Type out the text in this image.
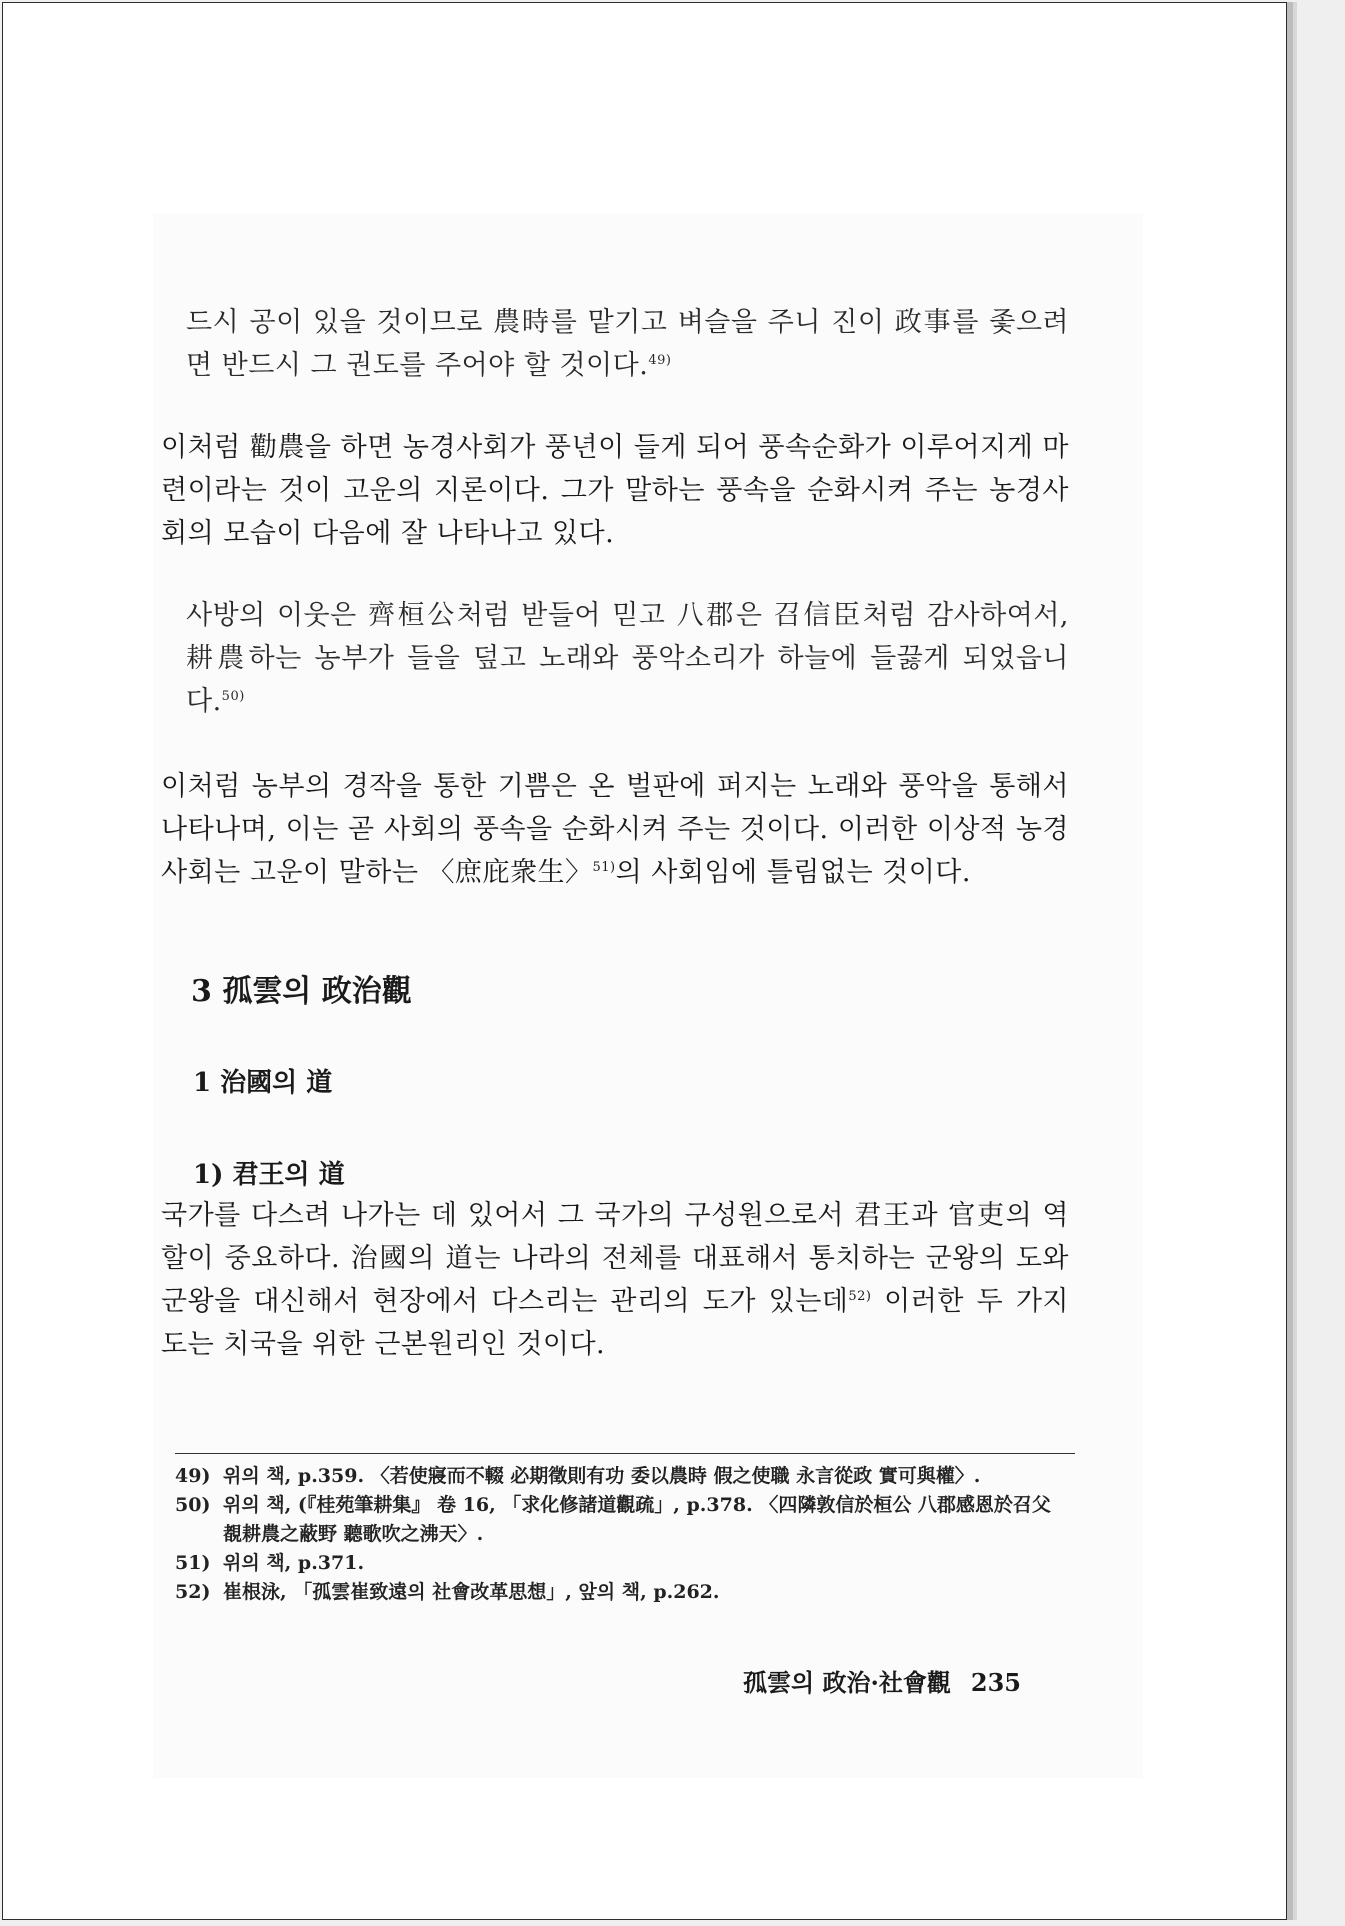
드시 공이 있을 것이므로 農時를 맡기고 벼슬을 주니 진이 政事를 좇으려면 반드시 그 권도를 주어야 할 것이다.$^{49)}$

이처럼 勸農을 하면 농경사회가 풍년이 들게 되어 풍속순화가 이루어지게 마련이라는 것이 고운의 지론이다. 그가 말하는 풍속을 순화시켜 주는 농경사회의 모습이 다음에 잘 나타나고 있다.

사방의 이웃은 齊桓公처럼 받들어 믿고 八郡은 召信臣처럼 감사하여서, 耕農하는 농부가 들을 덮고 노래와 풍악소리가 하늘에 들끓게 되었읍니다.$^{50)}$

이처럼 농부의 경작을 통한 기쁨은 온 벌판에 퍼지는 노래와 풍악을 통해서 나타나며, 이는 곧 사회의 풍속을 순화시켜 주는 것이다. 이러한 이상적 농경사회는 고운이 말하는 〈庶庇衆生〉$^{51)}$의 사회임에 틀림없는 것이다.

3 孤雲의 政治觀
1 治國의 道
1) 君王의 道

국가를 다스려 나가는 데 있어서 그 국가의 구성원으로서 君王과 官吏의 역할이 중요하다. 治國의 道는 나라의 전체를 대표해서 통치하는 군왕의 도와 군왕을 대신해서 현장에서 다스리는 관리의 도가 있는데$^{52)}$ 이러한 두 가지 도는 치국을 위한 근본원리인 것이다.

49) 위의 책, p.359. 〈若使寢而不輟 必期徵則有功 委以農時 假之使職 永言從政 實可與權〉.
50) 위의 책, (『桂苑筆耕集』 卷 16, 「求化修諸道觀疏」, p.378. 〈四隣敦信於桓公 八郡感恩於召父 覩耕農之蔽野 聽歌吹之沸天〉.
51) 위의 책, p.371.
52) 崔根泳, 「孤雲崔致遠의 社會改革思想」, 앞의 책, p.262.
孤雲의 政治·社會觀 235
